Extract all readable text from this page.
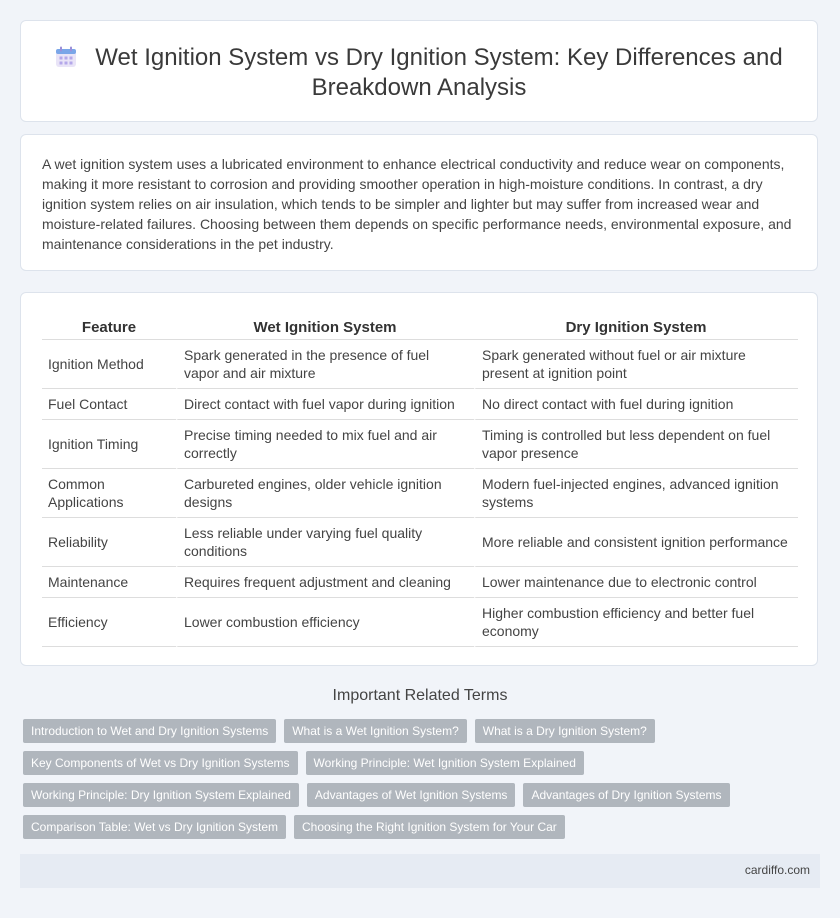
Wet Ignition System vs Dry Ignition System: Key Differences and Breakdown Analysis

A wet ignition system uses a lubricated environment to enhance electrical conductivity and reduce wear on components, making it more resistant to corrosion and providing smoother operation in high-moisture conditions. In contrast, a dry ignition system relies on air insulation, which tends to be simpler and lighter but may suffer from increased wear and moisture-related failures. Choosing between them depends on specific performance needs, environmental exposure, and maintenance considerations in the pet industry.

Feature	Wet Ignition System	Dry Ignition System
Ignition Method	Spark generated in the presence of fuel vapor and air mixture	Spark generated without fuel or air mixture present at ignition point
Fuel Contact	Direct contact with fuel vapor during ignition	No direct contact with fuel during ignition
Ignition Timing	Precise timing needed to mix fuel and air correctly	Timing is controlled but less dependent on fuel vapor presence
Common Applications	Carbureted engines, older vehicle ignition designs	Modern fuel-injected engines, advanced ignition systems
Reliability	Less reliable under varying fuel quality conditions	More reliable and consistent ignition performance
Maintenance	Requires frequent adjustment and cleaning	Lower maintenance due to electronic control
Efficiency	Lower combustion efficiency	Higher combustion efficiency and better fuel economy
Important Related Terms
Introduction to Wet and Dry Ignition Systems What is a Wet Ignition System? What is a Dry Ignition System?
Key Components of Wet vs Dry Ignition Systems Working Principle: Wet Ignition System Explained
Working Principle: Dry Ignition System Explained Advantages of Wet Ignition Systems Advantages of Dry Ignition Systems
Comparison Table: Wet vs Dry Ignition System Choosing the Right Ignition System for Your Car
cardiffo.com
